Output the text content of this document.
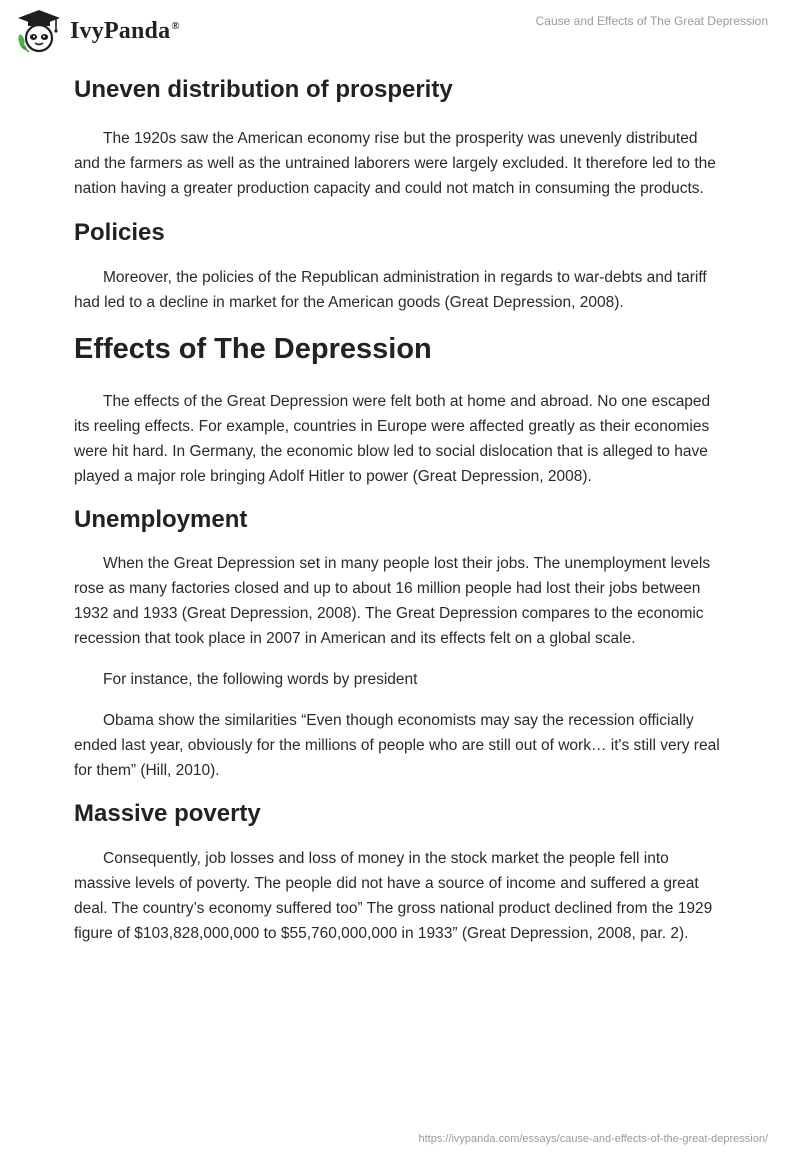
IvyPanda®	Cause and Effects of The Great Depression
Uneven distribution of prosperity

The 1920s saw the American economy rise but the prosperity was unevenly distributed and the farmers as well as the untrained laborers were largely excluded. It therefore led to the nation having a greater production capacity and could not match in consuming the products.

Policies

Moreover, the policies of the Republican administration in regards to war-debts and tariff had led to a decline in market for the American goods (Great Depression, 2008).

Effects of The Depression

The effects of the Great Depression were felt both at home and abroad. No one escaped its reeling effects. For example, countries in Europe were affected greatly as their economies were hit hard. In Germany, the economic blow led to social dislocation that is alleged to have played a major role bringing Adolf Hitler to power (Great Depression, 2008).

Unemployment

When the Great Depression set in many people lost their jobs. The unemployment levels rose as many factories closed and up to about 16 million people had lost their jobs between 1932 and 1933 (Great Depression, 2008). The Great Depression compares to the economic recession that took place in 2007 in American and its effects felt on a global scale.

For instance, the following words by president

Obama show the similarities “Even though economists may say the recession officially ended last year, obviously for the millions of people who are still out of work… it's still very real for them” (Hill, 2010).

Massive poverty

Consequently, job losses and loss of money in the stock market the people fell into massive levels of poverty. The people did not have a source of income and suffered a great deal. The country’s economy suffered too” The gross national product declined from the 1929 figure of $103,828,000,000 to $55,760,000,000 in 1933” (Great Depression, 2008, par. 2).

https://ivypanda.com/essays/cause-and-effects-of-the-great-depression/
